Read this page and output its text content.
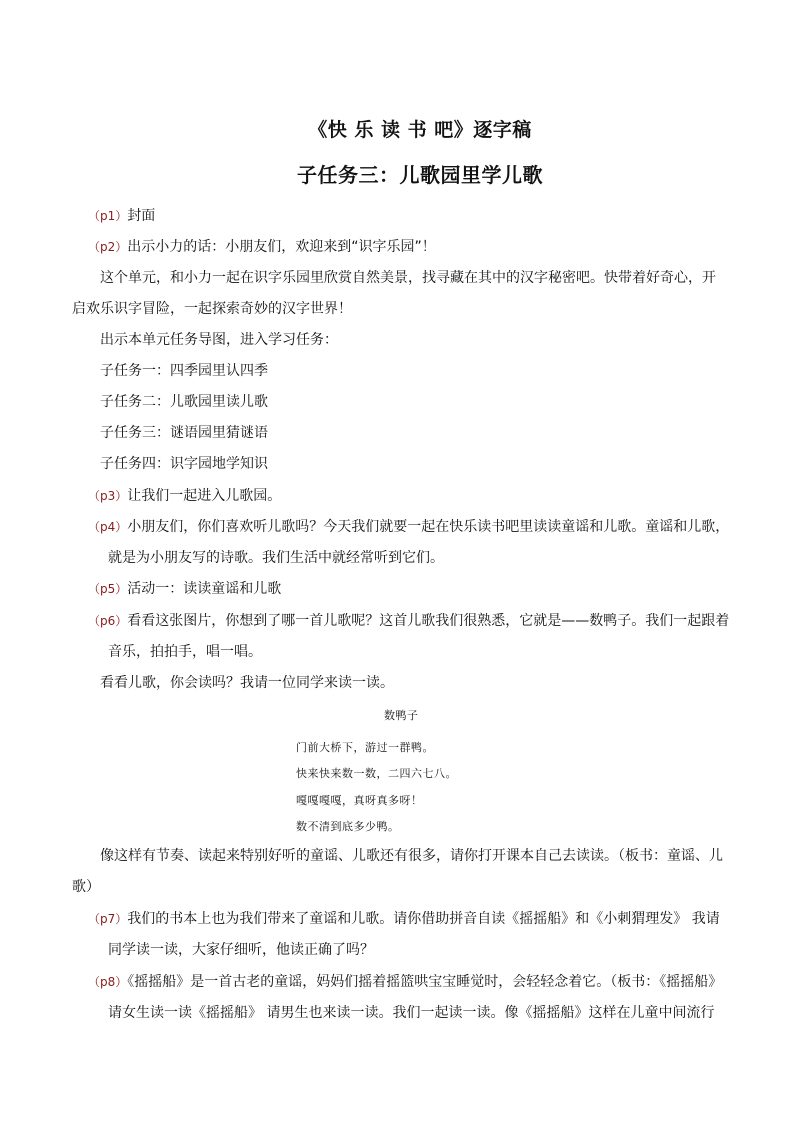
《快 乐 读 书 吧》逐字稿
子任务三：儿歌园里学儿歌
（p1）封面
（p2）出示小力的话：小朋友们，欢迎来到“识字乐园”！
这个单元，和小力一起在识字乐园里欣赏自然美景，找寻藏在其中的汉字秘密吧。快带着好奇心，开
启欢乐识字冒险，一起探索奇妙的汉字世界！
出示本单元任务导图，进入学习任务：
子任务一：四季园里认四季
子任务二：儿歌园里读儿歌
子任务三：谜语园里猜谜语
子任务四：识字园地学知识
（p3）让我们一起进入儿歌园。
（p4）小朋友们，你们喜欢听儿歌吗？今天我们就要一起在快乐读书吧里读读童谣和儿歌。童谣和儿歌，
就是为小朋友写的诗歌。我们生活中就经常听到它们。
（p5）活动一：读读童谣和儿歌
（p6）看看这张图片，你想到了哪一首儿歌呢？这首儿歌我们很熟悉，它就是——数鸭子。我们一起跟着
音乐，拍拍手，唱一唱。
看看儿歌，你会读吗？我请一位同学来读一读。
数鸭子
门前大桥下，游过一群鸭。
快来快来数一数，二四六七八。
嘎嘎嘎嘎，真呀真多呀！
数不清到底多少鸭。
像这样有节奏、读起来特别好听的童谣、儿歌还有很多，请你打开课本自己去读读。（板书：童谣、儿
歌）
（p7）我们的书本上也为我们带来了童谣和儿歌。请你借助拼音自读《摇摇船》和《小刺猬理发》 我请
同学读一读，大家仔细听，他读正确了吗？
（p8）《摇摇船》是一首古老的童谣，妈妈们摇着摇篮哄宝宝睡觉时，会轻轻念着它。（板书：《摇摇船》
请女生读一读《摇摇船》 请男生也来读一读。我们一起读一读。像《摇摇船》这样在儿童中间流行
